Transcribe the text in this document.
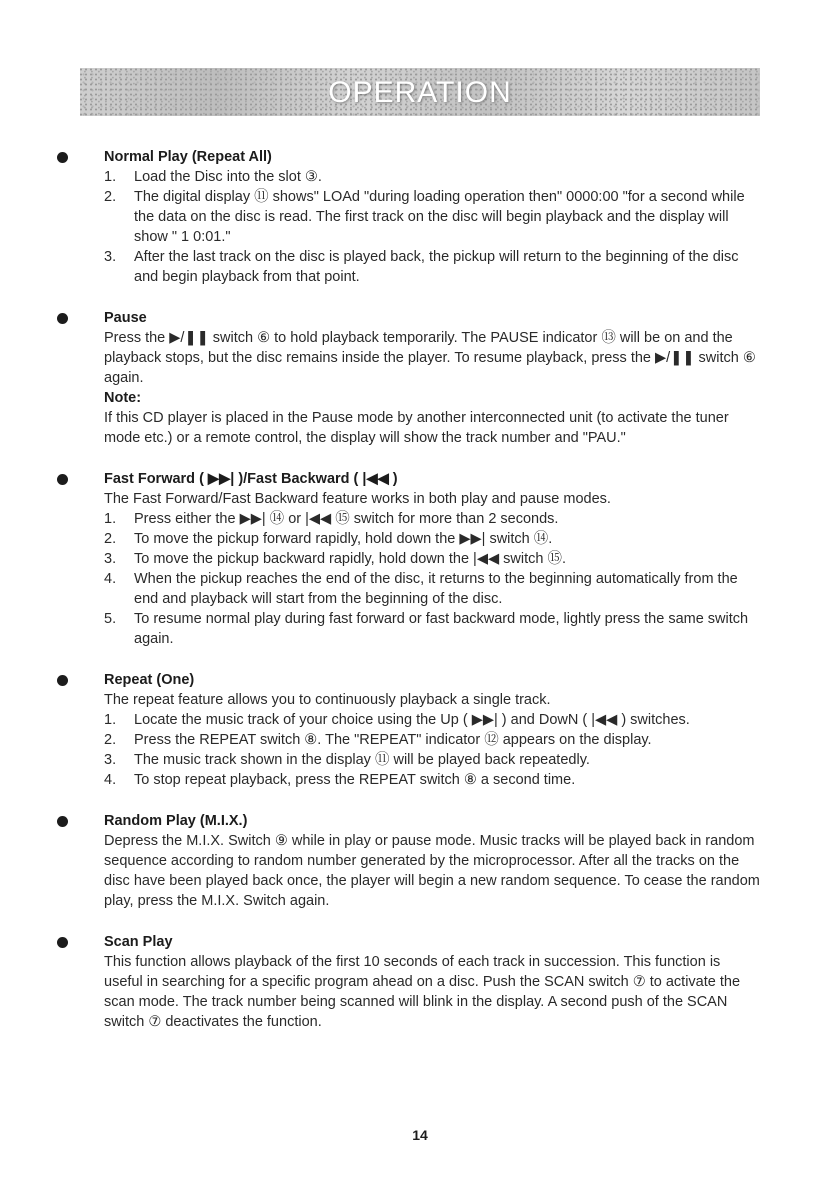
OPERATION
Normal Play (Repeat All)
1. Load the Disc into the slot ③.
2. The digital display ⑪ shows" LOAd "during loading operation then" 0000:00 "for a second while the data on the disc is read. The first track on the disc will begin playback and the display will show " 1 0:01."
3. After the last track on the disc is played back, the pickup will return to the beginning of the disc and begin playback from that point.
Pause
Press the ▶/❚❚ switch ⑥ to hold playback temporarily. The PAUSE indicator ⑬ will be on and the playback stops, but the disc remains inside the player. To resume playback, press the ▶/❚❚ switch ⑥ again.
Note:
If this CD player is placed in the Pause mode by another interconnected unit (to activate the tuner mode etc.) or a remote control, the display will show the track number and "PAU."
Fast Forward ( ▶▶| )/Fast Backward ( |◀◀ )
The Fast Forward/Fast Backward feature works in both play and pause modes.
1. Press either the ▶▶| ⑭ or |◀◀ ⑮ switch for more than 2 seconds.
2. To move the pickup forward rapidly, hold down the ▶▶| switch ⑭.
3. To move the pickup backward rapidly, hold down the |◀◀ switch ⑮.
4. When the pickup reaches the end of the disc, it returns to the beginning automatically from the end and playback will start from the beginning of the disc.
5. To resume normal play during fast forward or fast backward mode, lightly press the same switch again.
Repeat (One)
The repeat feature allows you to continuously playback a single track.
1. Locate the music track of your choice using the Up ( ▶▶| ) and DowN ( |◀◀ ) switches.
2. Press the REPEAT switch ⑧. The "REPEAT" indicator ⑫ appears on the display.
3. The music track shown in the display ⑪ will be played back repeatedly.
4. To stop repeat playback, press the REPEAT switch ⑧ a second time.
Random Play (M.I.X.)
Depress the M.I.X. Switch ⑨ while in play or pause mode. Music tracks will be played back in random sequence according to random number generated by the microprocessor. After all the tracks on the disc have been played back once, the player will begin a new random sequence. To cease the random play, press the M.I.X. Switch again.
Scan Play
This function allows playback of the first 10 seconds of each track in succession. This function is useful in searching for a specific program ahead on a disc. Push the SCAN switch ⑦ to activate the scan mode. The track number being scanned will blink in the display. A second push of the SCAN switch ⑦ deactivates the function.
14
